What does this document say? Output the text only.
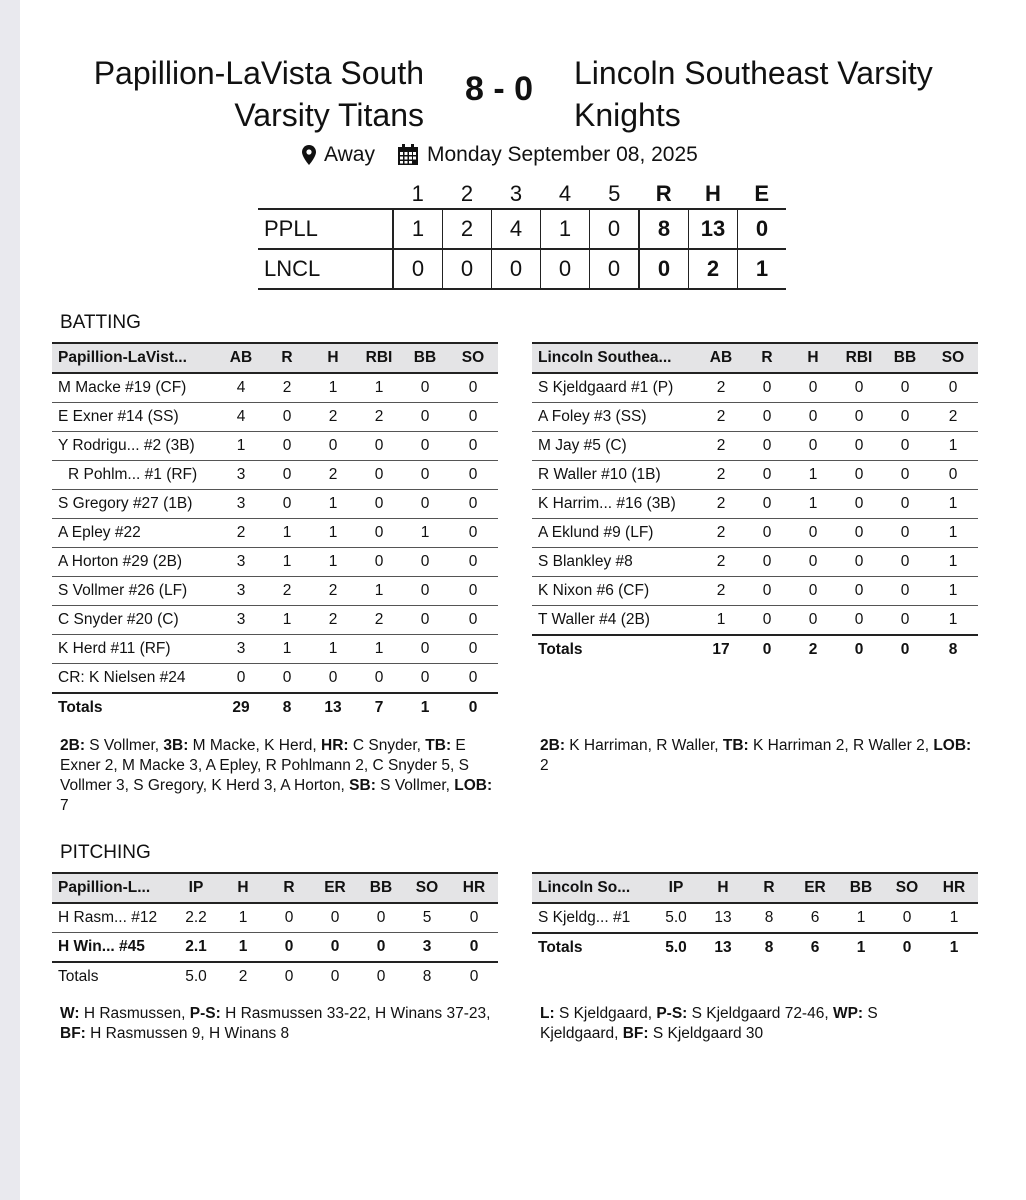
Papillion-LaVista South
Varsity Titans
8 - 0	Lincoln Southeast Varsity
Knights
Away Monday September 08, 2025
	1	2	3	4	5	R	H	E
PPLL	1	2	4	1	0	8	13	0
LNCL	0	0	0	0	0	0	2	1
BATTING
Papillion-LaVist...	AB	R	H	RBI	BB	SO
M Macke #19 (CF)	4	2	1	1	0	0
E Exner #14 (SS)	4	0	2	2	0	0
Y Rodrigu... #2 (3B)	1	0	0	0	0	0
R Pohlm... #1 (RF)	3	0	2	0	0	0
S Gregory #27 (1B)	3	0	1	0	0	0
A Epley #22	2	1	1	0	1	0
A Horton #29 (2B)	3	1	1	0	0	0
S Vollmer #26 (LF)	3	2	2	1	0	0
C Snyder #20 (C)	3	1	2	2	0	0
K Herd #11 (RF)	3	1	1	1	0	0
CR: K Nielsen #24	0	0	0	0	0	0
Totals	29	8	13	7	1	0
Lincoln Southea...	AB	R	H	RBI	BB	SO
S Kjeldgaard #1 (P)	2	0	0	0	0	0
A Foley #3 (SS)	2	0	0	0	0	2
M Jay #5 (C)	2	0	0	0	0	1
R Waller #10 (1B)	2	0	1	0	0	0
K Harrim... #16 (3B)	2	0	1	0	0	1
A Eklund #9 (LF)	2	0	0	0	0	1
S Blankley #8	2	0	0	0	0	1
K Nixon #6 (CF)	2	0	0	0	0	1
T Waller #4 (2B)	1	0	0	0	0	1
Totals	17	0	2	0	0	8
2B: S Vollmer, 3B: M Macke, K Herd, HR: C Snyder, TB: E Exner 2, M Macke 3, A Epley, R Pohlmann 2, C Snyder 5, S Vollmer 3, S Gregory, K Herd 3, A Horton, SB: S Vollmer, LOB: 7
2B: K Harriman, R Waller, TB: K Harriman 2, R Waller 2, LOB: 2
PITCHING
Papillion-L...	IP	H	R	ER	BB	SO	HR
H Rasm... #12	2.2	1	0	0	0	5	0
H Win... #45	2.1	1	0	0	0	3	0
Totals	5.0	2	0	0	0	8	0
Lincoln So...	IP	H	R	ER	BB	SO	HR
S Kjeldg... #1	5.0	13	8	6	1	0	1
Totals	5.0	13	8	6	1	0	1
W: H Rasmussen, P-S: H Rasmussen 33-22, H Winans 37-23, BF: H Rasmussen 9, H Winans 8
L: S Kjeldgaard, P-S: S Kjeldgaard 72-46, WP: S Kjeldgaard, BF: S Kjeldgaard 30
